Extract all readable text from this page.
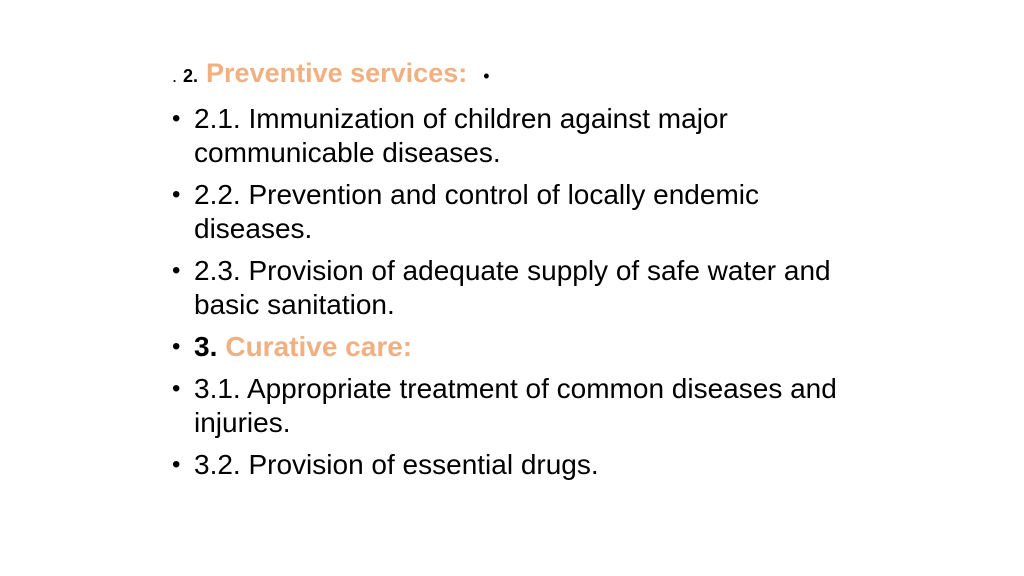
. 2. Preventive services: •
• 2.1. Immunization of children against major communicable diseases.
• 2.2. Prevention and control of locally endemic diseases.
• 2.3. Provision of adequate supply of safe water and basic sanitation.
• 3. Curative care:
• 3.1. Appropriate treatment of common diseases and injuries.
• 3.2. Provision of essential drugs.
